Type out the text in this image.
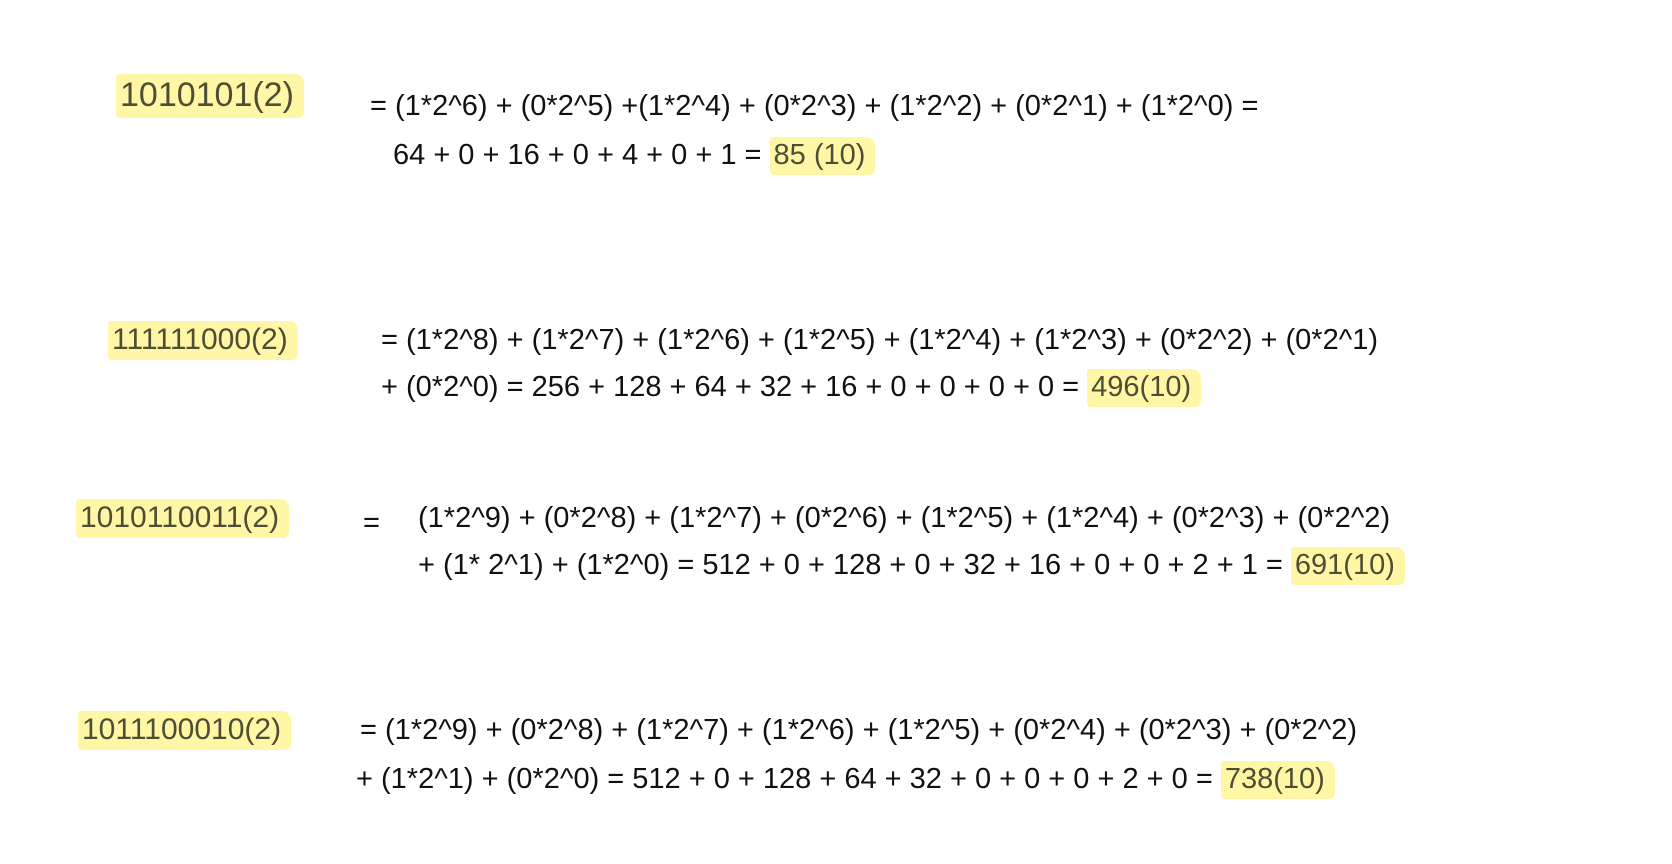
1010101(2)	= (1*2^6) + (0*2^5) +(1*2^4) + (0*2^3) + (1*2^2) + (0*2^1) + (1*2^0) =
64 + 0 + 16 + 0 + 4 + 0 + 1 = 85 (10)
111111000(2)	= (1*2^8) + (1*2^7) + (1*2^6) + (1*2^5) + (1*2^4) + (1*2^3) + (0*2^2) + (0*2^1)
+ (0*2^0) = 256 + 128 + 64 + 32 + 16 + 0 + 0 + 0 + 0 = 496(10)
1010110011(2)	= (1*2^9) + (0*2^8) + (1*2^7) + (0*2^6) + (1*2^5) + (1*2^4) + (0*2^3) + (0*2^2)
+ (1* 2^1) + (1*2^0) = 512 + 0 + 128 + 0 + 32 + 16 + 0 + 0 + 2 + 1 = 691(10)
1011100010(2)	= (1*2^9) + (0*2^8) + (1*2^7) + (1*2^6) + (1*2^5) + (0*2^4) + (0*2^3) + (0*2^2)
+ (1*2^1) + (0*2^0) = 512 + 0 + 128 + 64 + 32 + 0 + 0 + 0 + 2 + 0 = 738(10)
